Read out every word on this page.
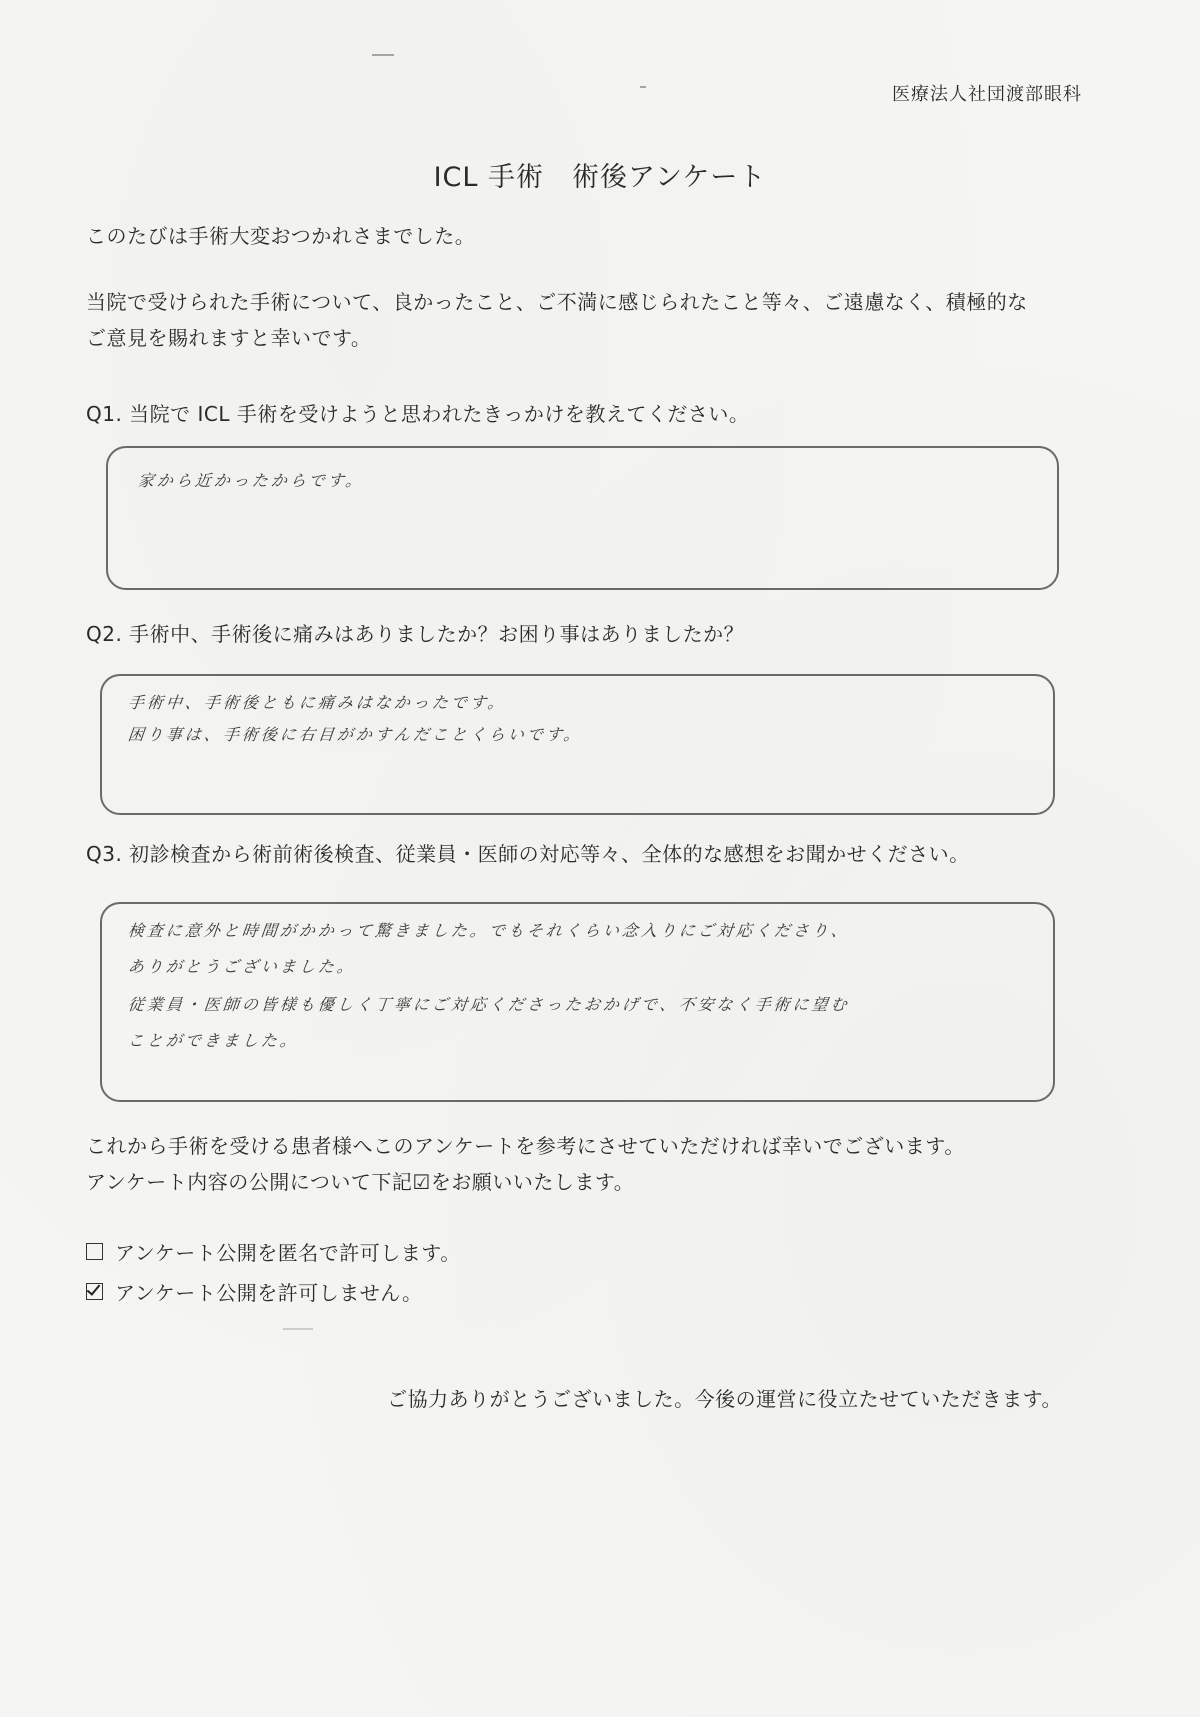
医療法人社団渡部眼科
ICL 手術　術後アンケート
このたびは手術大変おつかれさまでした。
当院で受けられた手術について、良かったこと、ご不満に感じられたこと等々、ご遠慮なく、積極的な
ご意見を賜れますと幸いです。
Q1. 当院で ICL 手術を受けようと思われたきっかけを教えてください。
家から近かったからです。
Q2. 手術中、手術後に痛みはありましたか？お困り事はありましたか？
手術中、手術後ともに痛みはなかったです。
困り事は、手術後に右目がかすんだことくらいです。
Q3. 初診検査から術前術後検査、従業員・医師の対応等々、全体的な感想をお聞かせください。
検査に意外と時間がかかって驚きました。でもそれくらい念入りにご対応くださり、
ありがとうございました。
従業員・医師の皆様も優しく丁寧にご対応くださったおかげで、不安なく手術に望む
ことができました。
これから手術を受ける患者様へこのアンケートを参考にさせていただければ幸いでございます。
アンケート内容の公開について下記☑をお願いいたします。
アンケート公開を匿名で許可します。
アンケート公開を許可しません。
ご協力ありがとうございました。今後の運営に役立たせていただきます。
